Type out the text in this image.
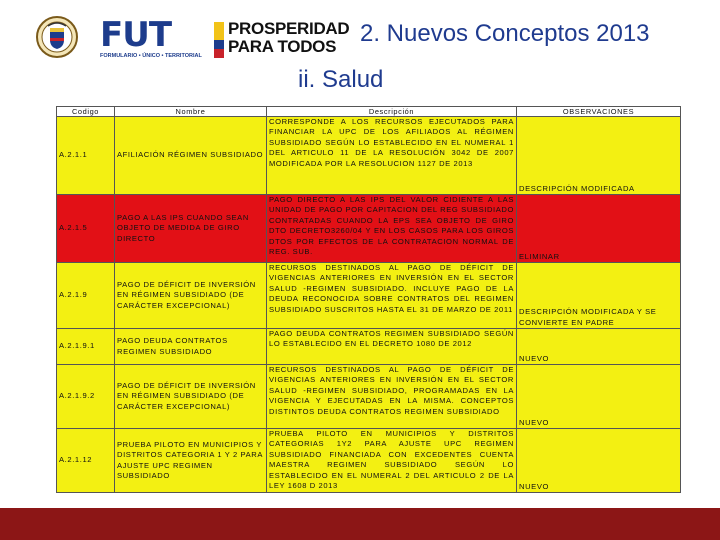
FUT
FORMULARIO • ÚNICO • TERRITORIAL
PROSPERIDAD
PARA TODOS 2. Nuevos Conceptos 2013
ii. Salud
Codigo	Nombre	Descripción	OBSERVACIONES
A.2.1.1	AFILIACIÓN RÉGIMEN SUBSIDIADO	CORRESPONDE A LOS RECURSOS EJECUTADOS PARA FINANCIAR LA UPC DE LOS AFILIADOS AL RÉGIMEN SUBSIDIADO SEGÚN LO ESTABLECIDO EN EL NUMERAL 1 DEL ARTICULO 11 DE LA RESOLUCIÓN 3042 DE 2007 MODIFICADA POR LA RESOLUCION 1127 DE 2013	DESCRIPCIÓN MODIFICADA
A.2.1.5	PAGO A LAS IPS CUANDO SEAN OBJETO DE MEDIDA DE GIRO DIRECTO	PAGO DIRECTO A LAS IPS DEL VALOR CIDIENTE A LAS UNIDAD DE PAGO POR CAPITACION DEL REG SUBSIDIADO CONTRATADAS CUANDO LA EPS SEA OBJETO DE GIRO DTO DECRETO3260/04 Y EN LOS CASOS PARA LOS GIROS DTOS POR EFECTOS DE LA CONTRATACION NORMAL DE REG. SUB.	ELIMINAR
A.2.1.9	PAGO DE DÉFICIT DE INVERSIÓN EN RÉGIMEN SUBSIDIADO (DE CARÁCTER EXCEPCIONAL)	RECURSOS DESTINADOS AL PAGO DE DÉFICIT DE VIGENCIAS ANTERIORES EN INVERSIÓN EN EL SECTOR SALUD -REGIMEN SUBSIDIADO. INCLUYE PAGO DE LA DEUDA RECONOCIDA SOBRE CONTRATOS DEL REGIMEN SUBSIDIADO SUSCRITOS HASTA EL 31 DE MARZO DE 2011	DESCRIPCIÓN MODIFICADA Y SE CONVIERTE EN PADRE
A.2.1.9.1	PAGO DEUDA CONTRATOS REGIMEN SUBSIDIADO	PAGO DEUDA CONTRATOS REGIMEN SUBSIDIADO SEGÚN LO ESTABLECIDO EN EL DECRETO 1080 DE 2012	NUEVO
A.2.1.9.2	PAGO DE DÉFICIT DE INVERSIÓN EN RÉGIMEN SUBSIDIADO (DE CARÁCTER EXCEPCIONAL)	RECURSOS DESTINADOS AL PAGO DE DÉFICIT DE VIGENCIAS ANTERIORES EN INVERSIÓN EN EL SECTOR SALUD -REGIMEN SUBSIDIADO, PROGRAMADAS EN LA VIGENCIA Y EJECUTADAS EN LA MISMA. CONCEPTOS DISTINTOS DEUDA CONTRATOS REGIMEN SUBSIDIADO	NUEVO
A.2.1.12	PRUEBA PILOTO EN MUNICIPIOS Y DISTRITOS CATEGORIA 1 Y 2 PARA AJUSTE UPC REGIMEN SUBSIDIADO	PRUEBA PILOTO EN MUNICIPIOS Y DISTRITOS CATEGORIAS 1Y2 PARA AJUSTE UPC REGIMEN SUBSIDIADO FINANCIADA CON EXCEDENTES CUENTA MAESTRA REGIMEN SUBSIDIADO SEGÚN LO ESTABLECIDO EN EL NUMERAL 2 DEL ARTICULO 2 DE LA LEY 1608 D 2013	NUEVO
